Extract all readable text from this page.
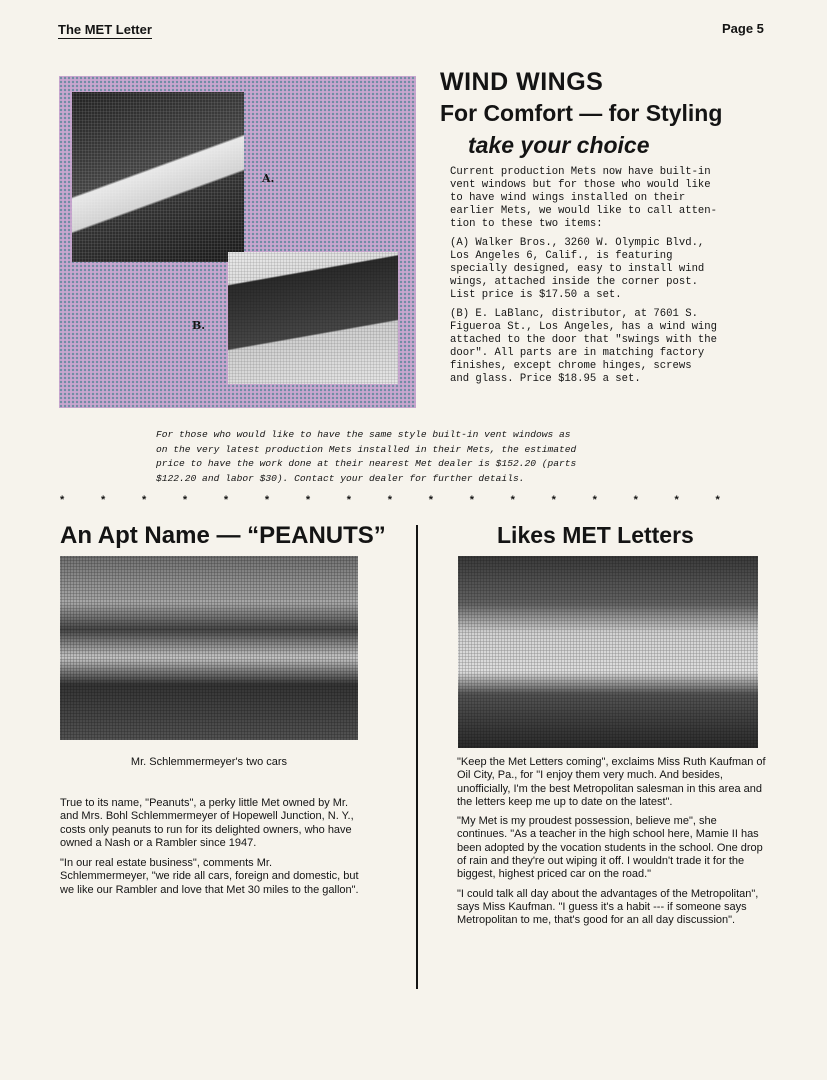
The MET Letter	Page 5
A.
B.
WIND WINGS
For Comfort — for Styling
take your choice

Current production Mets now have built-in
vent windows but for those who would like
to have wind wings installed on their
earlier Mets, we would like to call atten-
tion to these two items:

(A) Walker Bros., 3260 W. Olympic Blvd.,
Los Angeles 6, Calif., is featuring
specially designed, easy to install wind
wings, attached inside the corner post.
List price is $17.50 a set.

(B) E. LaBlanc, distributor, at 7601 S.
Figueroa St., Los Angeles, has a wind wing
attached to the door that "swings with the
door". All parts are in matching factory
finishes, except chrome hinges, screws
and glass. Price $18.95 a set.

For those who would like to have the same style built-in vent windows as
on the very latest production Mets installed in their Mets, the estimated
price to have the work done at their nearest Met dealer is $152.20 (parts
$122.20 and labor $30). Contact your dealer for further details.
*	*	*	*	*	*	*	*	*	*	*	*	*	*	*	*	*
An Apt Name — “PEANUTS”
Mr. Schlemmermeyer's two cars

True to its name, "Peanuts", a perky little Met owned by Mr. and Mrs. Bohl Schlemmermeyer of Hopewell Junction, N. Y., costs only peanuts to run for its delighted owners, who have owned a Nash or a Rambler since 1947.

"In our real estate business", comments Mr. Schlemmermeyer, "we ride all cars, foreign and domestic, but we like our Rambler and love that Met 30 miles to the gallon".

Likes MET Letters

"Keep the Met Letters coming", exclaims Miss Ruth Kaufman of Oil City, Pa., for "I enjoy them very much. And besides, unofficially, I'm the best Metropolitan salesman in this area and the letters keep me up to date on the latest".

"My Met is my proudest possession, believe me", she continues. "As a teacher in the high school here, Mamie II has been adopted by the vocation students in the school. One drop of rain and they're out wiping it off. I wouldn't trade it for the biggest, highest priced car on the road."

"I could talk all day about the advantages of the Metropolitan", says Miss Kaufman. "I guess it's a habit --- if someone says Metropolitan to me, that's good for an all day discussion".
